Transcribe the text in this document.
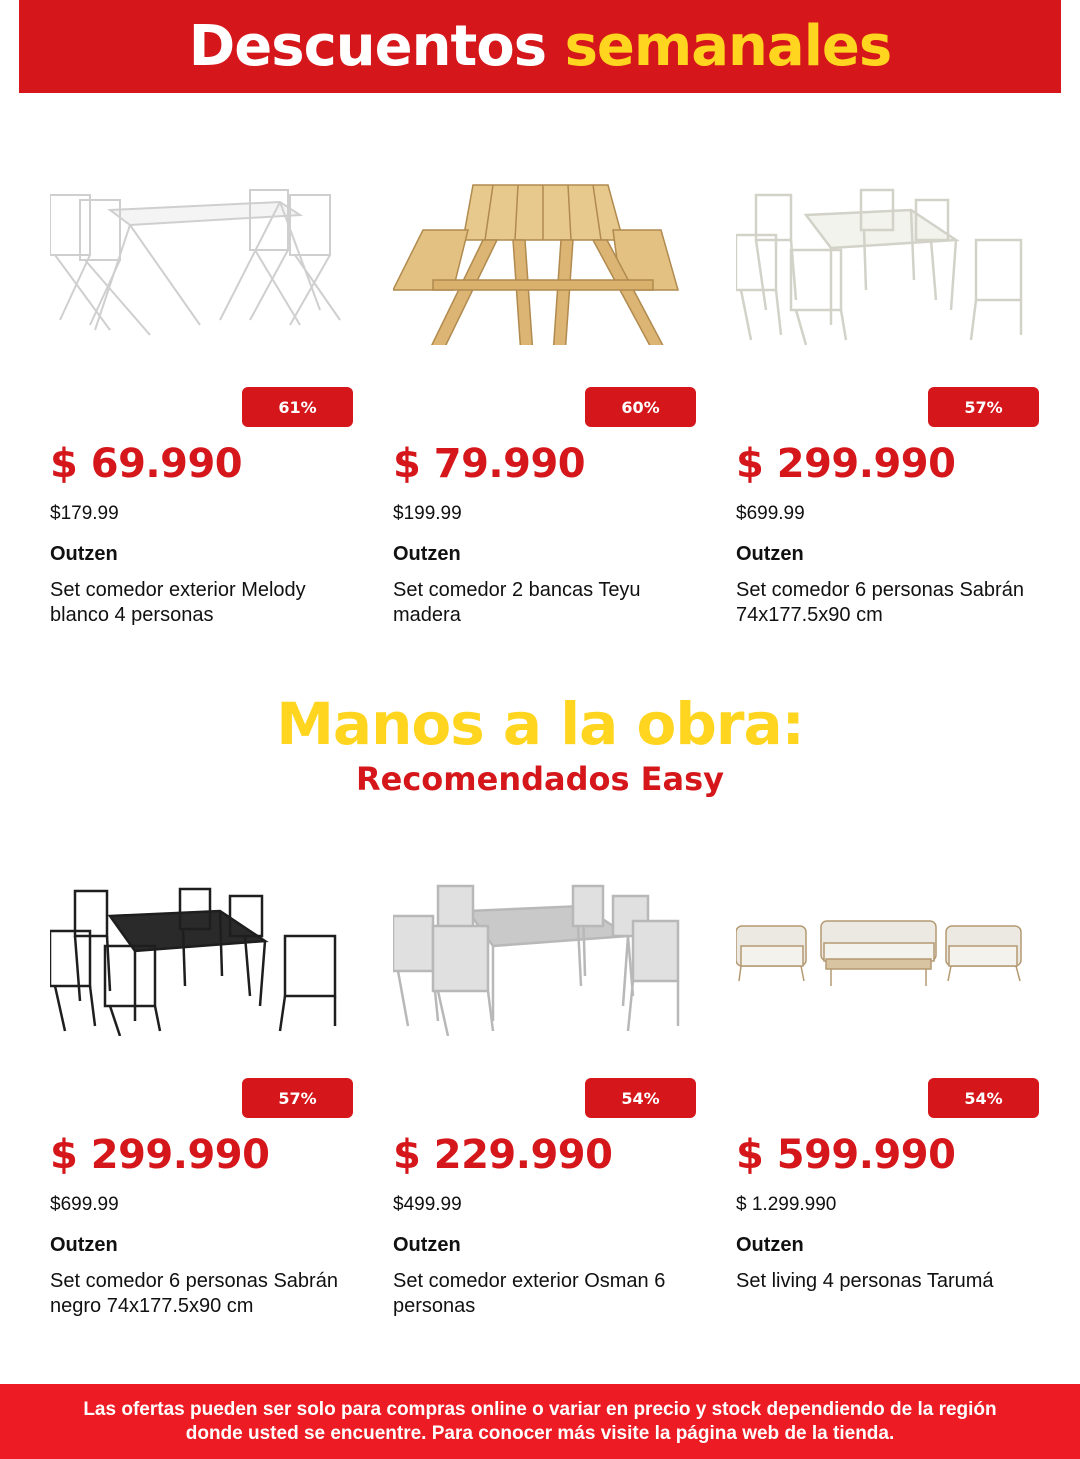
Descuentos semanales
61%
$ 69.990
$179.99
Outzen
Set comedor exterior Melody blanco 4 personas
60%
$ 79.990
$199.99
Outzen
Set comedor 2 bancas Teyu madera
57%
$ 299.990
$699.99
Outzen
Set comedor 6 personas Sabrán 74x177.5x90 cm
Manos a la obra:
Recomendados Easy
57%
$ 299.990
$699.99
Outzen
Set comedor 6 personas Sabrán negro 74x177.5x90 cm
54%
$ 229.990
$499.99
Outzen
Set comedor exterior Osman 6 personas
54%
$ 599.990
$ 1.299.990
Outzen
Set living 4 personas Tarumá

Las ofertas pueden ser solo para compras online o variar en precio y stock dependiendo de la región donde usted se encuentre. Para conocer más visite la página web de la tienda.
